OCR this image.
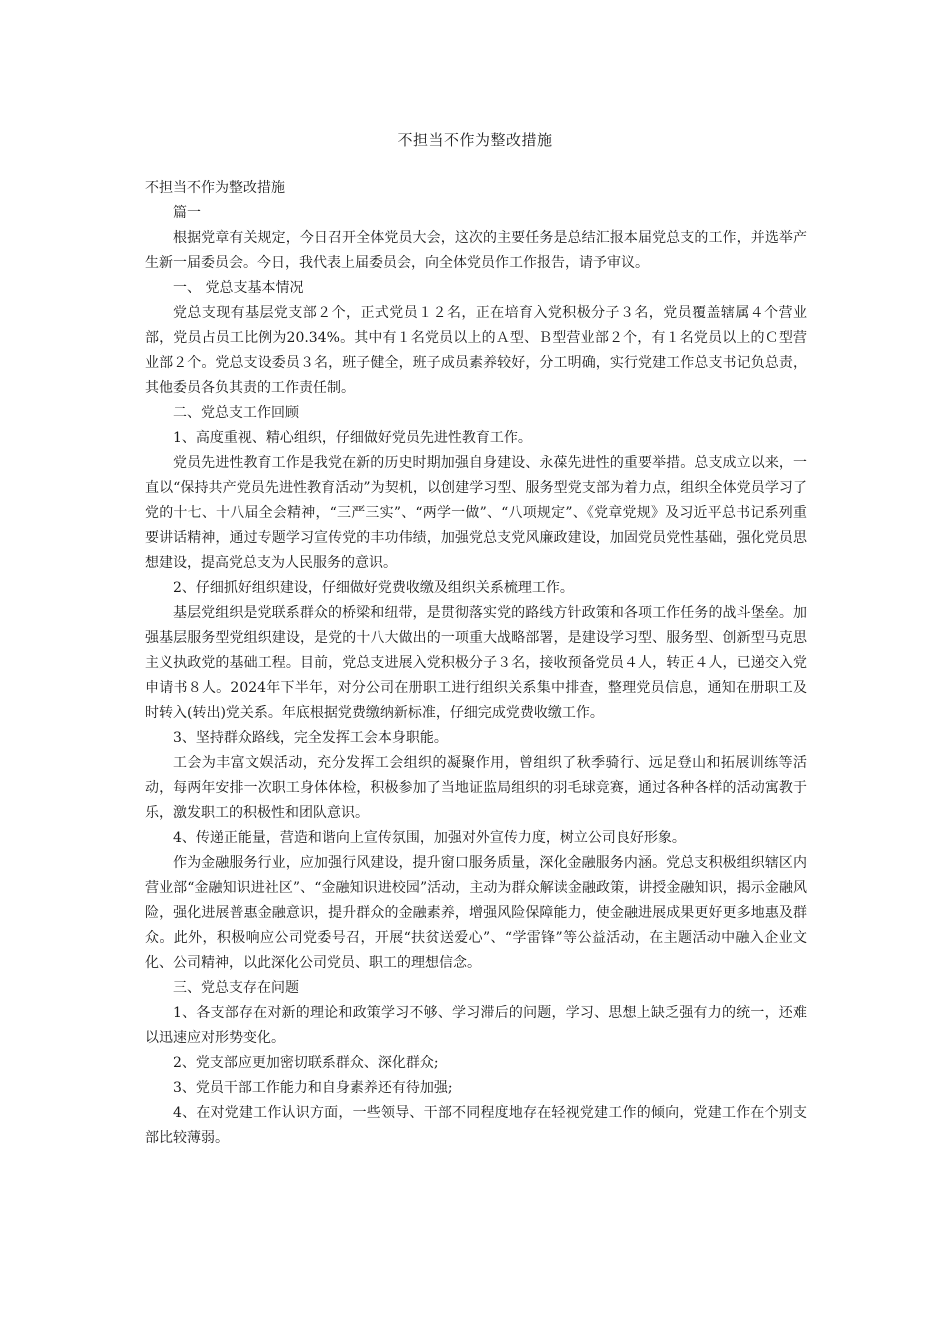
不担当不作为整改措施

不担当不作为整改措施

篇一

根据党章有关规定，今日召开全体党员大会，这次的主要任务是总结汇报本届党总支的工作，并选举产生新一届委员会。今日，我代表上届委员会，向全体党员作工作报告，请予审议。

一、 党总支基本情况

党总支现有基层党支部２个，正式党员１２名，正在培育入党积极分子３名，党员覆盖辖属４个营业部，党员占员工比例为20.34%。其中有１名党员以上的Ａ型、Ｂ型营业部２个，有１名党员以上的Ｃ型营业部２个。党总支设委员３名，班子健全，班子成员素养较好，分工明确，实行党建工作总支书记负总责，其他委员各负其责的工作责任制。

二、党总支工作回顾

1、高度重视、精心组织，仔细做好党员先进性教育工作。

党员先进性教育工作是我党在新的历史时期加强自身建设、永葆先进性的重要举措。总支成立以来，一直以“保持共产党员先进性教育活动”为契机，以创建学习型、服务型党支部为着力点，组织全体党员学习了党的十七、十八届全会精神，“三严三实”、“两学一做”、“八项规定”、《党章党规》及习近平总书记系列重要讲话精神，通过专题学习宣传党的丰功伟绩，加强党总支党风廉政建设，加固党员党性基础，强化党员思想建设，提高党总支为人民服务的意识。

2、仔细抓好组织建设，仔细做好党费收缴及组织关系梳理工作。

基层党组织是党联系群众的桥梁和纽带，是贯彻落实党的路线方针政策和各项工作任务的战斗堡垒。加强基层服务型党组织建设，是党的十八大做出的一项重大战略部署，是建设学习型、服务型、创新型马克思主义执政党的基础工程。目前，党总支进展入党积极分子３名，接收预备党员４人，转正４人，已递交入党申请书８人。2024年下半年，对分公司在册职工进行组织关系集中排查，整理党员信息，通知在册职工及时转入(转出)党关系。年底根据党费缴纳新标准，仔细完成党费收缴工作。

3、坚持群众路线，完全发挥工会本身职能。

工会为丰富文娱活动，充分发挥工会组织的凝聚作用，曾组织了秋季骑行、远足登山和拓展训练等活动，每两年安排一次职工身体体检，积极参加了当地证监局组织的羽毛球竞赛，通过各种各样的活动寓教于乐，激发职工的积极性和团队意识。

4、传递正能量，营造和谐向上宣传氛围，加强对外宣传力度，树立公司良好形象。

作为金融服务行业，应加强行风建设，提升窗口服务质量，深化金融服务内涵。党总支积极组织辖区内营业部“金融知识进社区”、“金融知识进校园”活动，主动为群众解读金融政策，讲授金融知识，揭示金融风险，强化进展普惠金融意识，提升群众的金融素养，增强风险保障能力，使金融进展成果更好更多地惠及群众。此外，积极响应公司党委号召，开展“扶贫送爱心”、“学雷锋”等公益活动，在主题活动中融入企业文化、公司精神，以此深化公司党员、职工的理想信念。

三、党总支存在问题

1、各支部存在对新的理论和政策学习不够、学习滞后的问题，学习、思想上缺乏强有力的统一，还难以迅速应对形势变化。

2、党支部应更加密切联系群众、深化群众;

3、党员干部工作能力和自身素养还有待加强;

4、在对党建工作认识方面，一些领导、干部不同程度地存在轻视党建工作的倾向，党建工作在个别支部比较薄弱。
